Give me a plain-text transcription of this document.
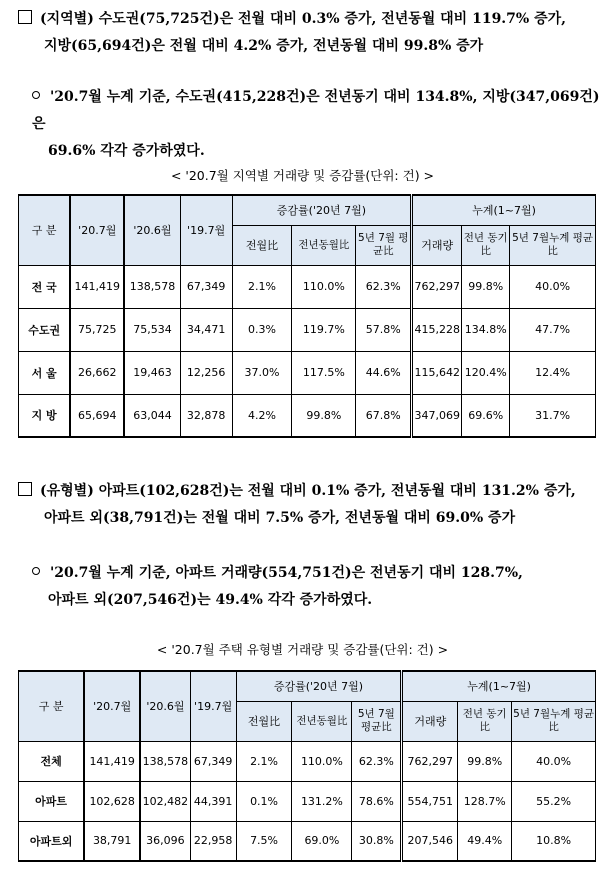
(지역별) 수도권(75,725건)은 전월 대비 0.3% 증가, 전년동월 대비 119.7% 증가,
지방(65,694건)은 전월 대비 4.2% 증가, 전년동월 대비 99.8% 증가
'20.7월 누계 기준, 수도권(415,228건)은 전년동기 대비 134.8%, 지방(347,069건)은
69.6% 각각 증가하였다.
< '20.7월 지역별 거래량 및 증감률(단위: 건) >
구 분	'20.7월	'20.6월	'19.7월	증감률('20년 7월)			누계(1~7월)		
				전월比	전년동월比	5년 7월 평균比	거래량	전년 동기比	5년 7월누계 평균比
전 국	141,419	138,578	67,349	2.1%	110.0%	62.3%	762,297	99.8%	40.0%
수도권	75,725	75,534	34,471	0.3%	119.7%	57.8%	415,228	134.8%	47.7%
서 울	26,662	19,463	12,256	37.0%	117.5%	44.6%	115,642	120.4%	12.4%
지 방	65,694	63,044	32,878	4.2%	99.8%	67.8%	347,069	69.6%	31.7%
(유형별) 아파트(102,628건)는 전월 대비 0.1% 증가, 전년동월 대비 131.2% 증가,
아파트 외(38,791건)는 전월 대비 7.5% 증가, 전년동월 대비 69.0% 증가
'20.7월 누계 기준, 아파트 거래량(554,751건)은 전년동기 대비 128.7%,
아파트 외(207,546건)는 49.4% 각각 증가하였다.
< '20.7월 주택 유형별 거래량 및 증감률(단위: 건) >
구 분	'20.7월	'20.6월	'19.7월	증감률('20년 7월)			누계(1~7월)		
				전월比	전년동월比	5년 7월 평균比	거래량	전년 동기比	5년 7월누계 평균比
전체	141,419	138,578	67,349	2.1%	110.0%	62.3%	762,297	99.8%	40.0%
아파트	102,628	102,482	44,391	0.1%	131.2%	78.6%	554,751	128.7%	55.2%
아파트외	38,791	36,096	22,958	7.5%	69.0%	30.8%	207,546	49.4%	10.8%
